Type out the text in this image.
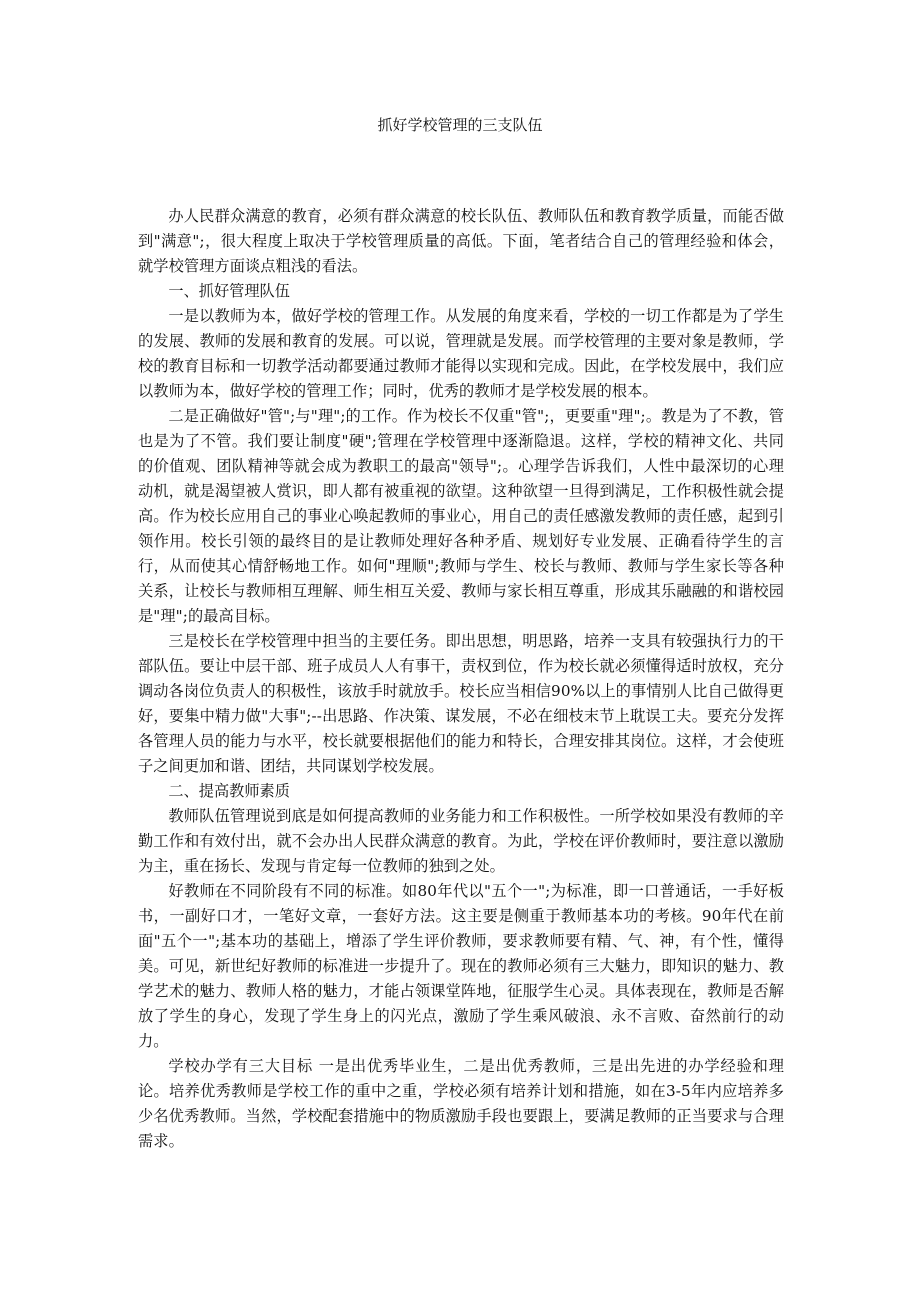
抓好学校管理的三支队伍

办人民群众满意的教育，必须有群众满意的校长队伍、教师队伍和教育教学质量，而能否做到"满意";，很大程度上取决于学校管理质量的高低。下面，笔者结合自己的管理经验和体会，就学校管理方面谈点粗浅的看法。

一、抓好管理队伍

一是以教师为本，做好学校的管理工作。从发展的角度来看，学校的一切工作都是为了学生的发展、教师的发展和教育的发展。可以说，管理就是发展。而学校管理的主要对象是教师，学校的教育目标和一切教学活动都要通过教师才能得以实现和完成。因此，在学校发展中，我们应以教师为本，做好学校的管理工作；同时，优秀的教师才是学校发展的根本。

二是正确做好"管";与"理";的工作。作为校长不仅重"管";，更要重"理";。教是为了不教，管也是为了不管。我们要让制度"硬";管理在学校管理中逐渐隐退。这样，学校的精神文化、共同的价值观、团队精神等就会成为教职工的最高"领导";。心理学告诉我们，人性中最深切的心理动机，就是渴望被人赏识，即人都有被重视的欲望。这种欲望一旦得到满足，工作积极性就会提高。作为校长应用自己的事业心唤起教师的事业心，用自己的责任感激发教师的责任感，起到引领作用。校长引领的最终目的是让教师处理好各种矛盾、规划好专业发展、正确看待学生的言行，从而使其心情舒畅地工作。如何"理顺";教师与学生、校长与教师、教师与学生家长等各种关系，让校长与教师相互理解、师生相互关爱、教师与家长相互尊重，形成其乐融融的和谐校园是"理";的最高目标。

三是校长在学校管理中担当的主要任务。即出思想，明思路，培养一支具有较强执行力的干部队伍。要让中层干部、班子成员人人有事干，责权到位，作为校长就必须懂得适时放权，充分调动各岗位负责人的积极性，该放手时就放手。校长应当相信90%以上的事情别人比自己做得更好，要集中精力做"大事";--出思路、作决策、谋发展，不必在细枝末节上耽误工夫。要充分发挥各管理人员的能力与水平，校长就要根据他们的能力和特长，合理安排其岗位。这样，才会使班子之间更加和谐、团结，共同谋划学校发展。

二、提高教师素质

教师队伍管理说到底是如何提高教师的业务能力和工作积极性。一所学校如果没有教师的辛勤工作和有效付出，就不会办出人民群众满意的教育。为此，学校在评价教师时，要注意以激励为主，重在扬长、发现与肯定每一位教师的独到之处。

好教师在不同阶段有不同的标准。如80年代以"五个一";为标准，即一口普通话，一手好板书，一副好口才，一笔好文章，一套好方法。这主要是侧重于教师基本功的考核。90年代在前面"五个一";基本功的基础上，增添了学生评价教师，要求教师要有精、气、神，有个性，懂得美。可见，新世纪好教师的标准进一步提升了。现在的教师必须有三大魅力，即知识的魅力、教学艺术的魅力、教师人格的魅力，才能占领课堂阵地，征服学生心灵。具体表现在，教师是否解放了学生的身心，发现了学生身上的闪光点，激励了学生乘风破浪、永不言败、奋然前行的动力。

学校办学有三大目标 一是出优秀毕业生，二是出优秀教师，三是出先进的办学经验和理论。培养优秀教师是学校工作的重中之重，学校必须有培养计划和措施，如在3-5年内应培养多少名优秀教师。当然，学校配套措施中的物质激励手段也要跟上，要满足教师的正当要求与合理需求。
